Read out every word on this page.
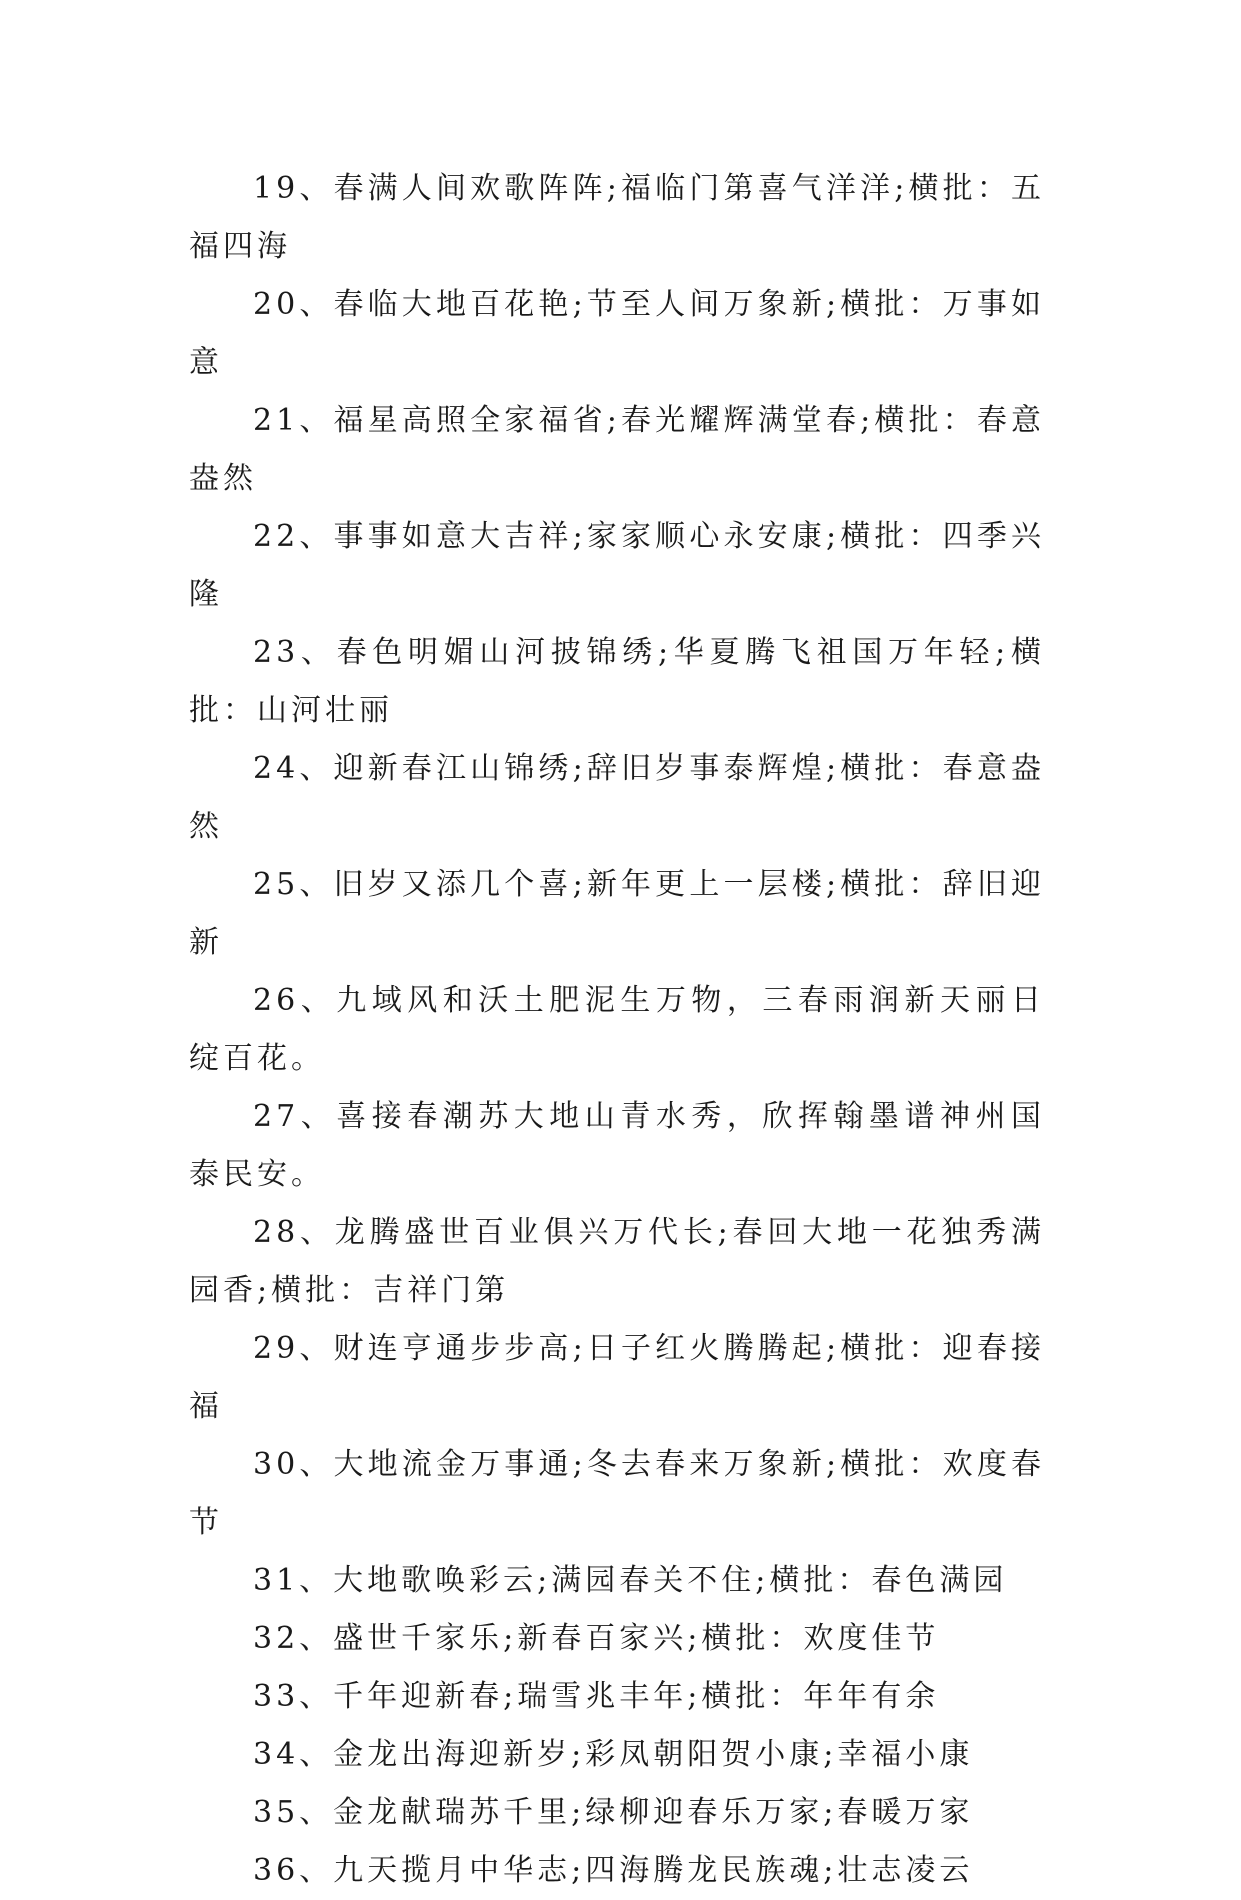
19、春满人间欢歌阵阵;福临门第喜气洋洋;横批：五福四海

20、春临大地百花艳;节至人间万象新;横批：万事如意

21、福星高照全家福省;春光耀辉满堂春;横批：春意盎然

22、事事如意大吉祥;家家顺心永安康;横批：四季兴隆

23、春色明媚山河披锦绣;华夏腾飞祖国万年轻;横批：山河壮丽

24、迎新春江山锦绣;辞旧岁事泰辉煌;横批：春意盎然

25、旧岁又添几个喜;新年更上一层楼;横批：辞旧迎新

26、九域风和沃土肥泥生万物，三春雨润新天丽日绽百花。

27、喜接春潮苏大地山青水秀，欣挥翰墨谱神州国泰民安。

28、龙腾盛世百业俱兴万代长;春回大地一花独秀满园香;横批：吉祥门第

29、财连亨通步步高;日子红火腾腾起;横批：迎春接福

30、大地流金万事通;冬去春来万象新;横批：欢度春节

31、大地歌唤彩云;满园春关不住;横批：春色满园

32、盛世千家乐;新春百家兴;横批：欢度佳节

33、千年迎新春;瑞雪兆丰年;横批：年年有余

34、金龙出海迎新岁;彩凤朝阳贺小康;幸福小康

35、金龙献瑞苏千里;绿柳迎春乐万家;春暖万家

36、九天揽月中华志;四海腾龙民族魂;壮志凌云
